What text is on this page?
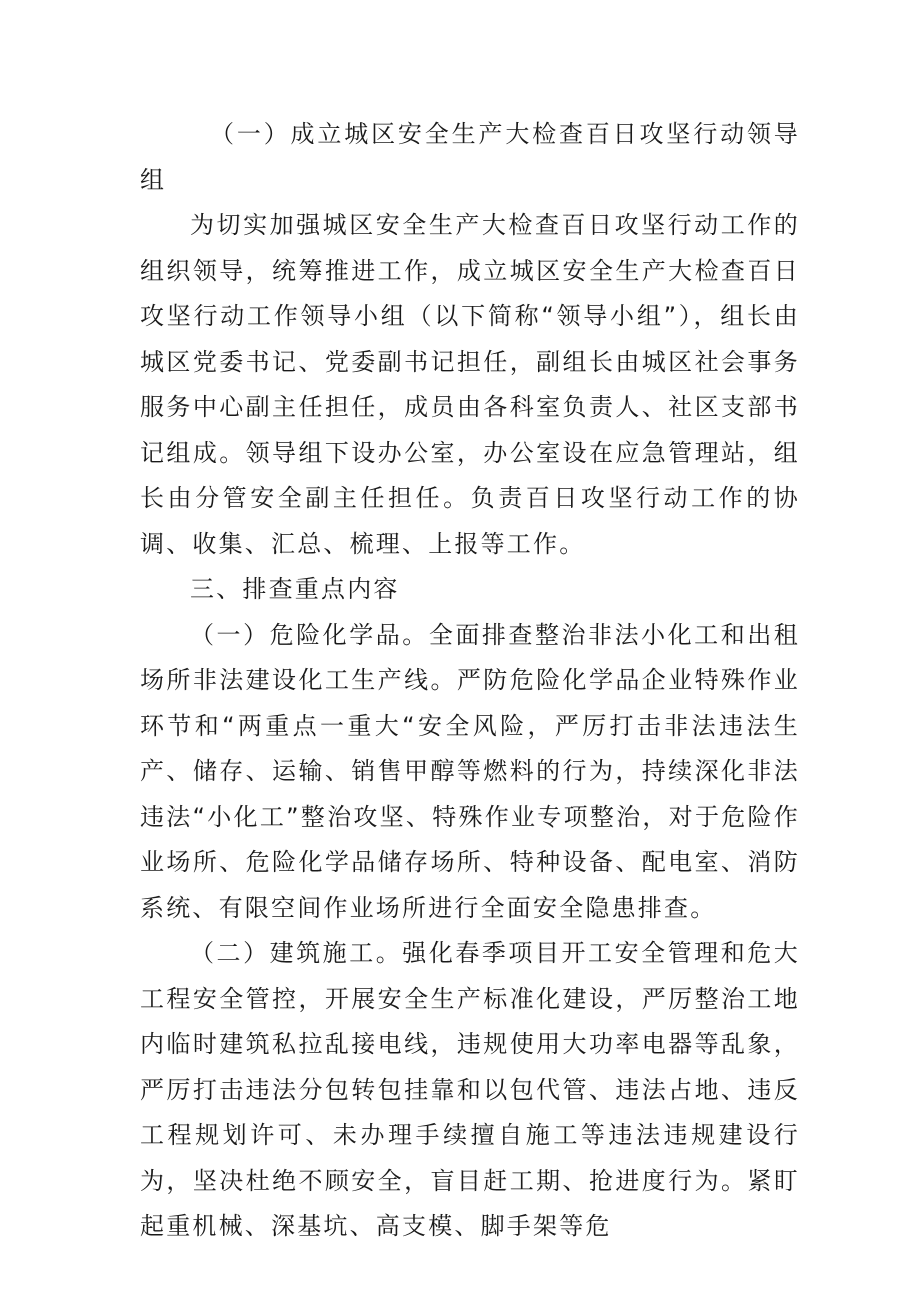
（一）成立城区安全生产大检查百日攻坚行动领导组

为切实加强城区安全生产大检查百日攻坚行动工作的组织领导，统筹推进工作，成立城区安全生产大检查百日攻坚行动工作领导小组（以下简称“领导小组”），组长由城区党委书记、党委副书记担任，副组长由城区社会事务服务中心副主任担任，成员由各科室负责人、社区支部书记组成。领导组下设办公室，办公室设在应急管理站，组长由分管安全副主任担任。负责百日攻坚行动工作的协调、收集、汇总、梳理、上报等工作。

三、排查重点内容

（一）危险化学品。全面排查整治非法小化工和出租场所非法建设化工生产线。严防危险化学品企业特殊作业环节和“两重点一重大“安全风险，严厉打击非法违法生产、储存、运输、销售甲醇等燃料的行为，持续深化非法违法“小化工”整治攻坚、特殊作业专项整治，对于危险作业场所、危险化学品储存场所、特种设备、配电室、消防系统、有限空间作业场所进行全面安全隐患排查。

（二）建筑施工。强化春季项目开工安全管理和危大工程安全管控，开展安全生产标准化建设，严厉整治工地内临时建筑私拉乱接电线，违规使用大功率电器等乱象，严厉打击违法分包转包挂靠和以包代管、违法占地、违反工程规划许可、未办理手续擅自施工等违法违规建设行为，坚决杜绝不顾安全，盲目赶工期、抢进度行为。紧盯起重机械、深基坑、高支模、脚手架等危
